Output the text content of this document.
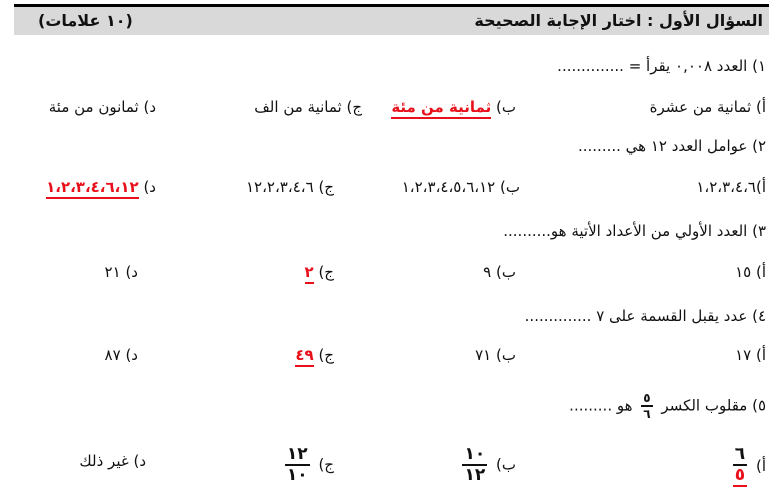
السؤال الأول : اختار الإجابة الصحيحة
(١٠ علامات)
١) العدد ٠,٠٠٨ يقرأ = ..............
أ) ثمانية من عشرة
ب) ثمانية من مئة
ج) ثمانية من الف
د) ثمانون من مئة
٢) عوامل العدد ١٢ هي .........
أ)١،٢،٣،٤،٦
ب) ١،٢،٣،٤،٥،٦،١٢
ج) ١٢،٢،٣،٤،٦
د) ١،٢،٣،٤،٦،١٢
٣) العدد الأولي من الأعداد الأتية هو..........
أ) ١٥
ب) ٩
ج) ٢
د) ٢١
٤) عدد يقبل القسمة على ٧ ..............
أ) ١٧
ب) ٧١
ج) ٤٩
د) ٨٧
٥) مقلوب الكسر
$\frac{٥}{٦}$
هو .........
أ)
$\frac{٦}{٥}$
ب)
$\frac{١٠}{١٢}$
ج)
$\frac{١٢}{١٠}$
د) غير ذلك
